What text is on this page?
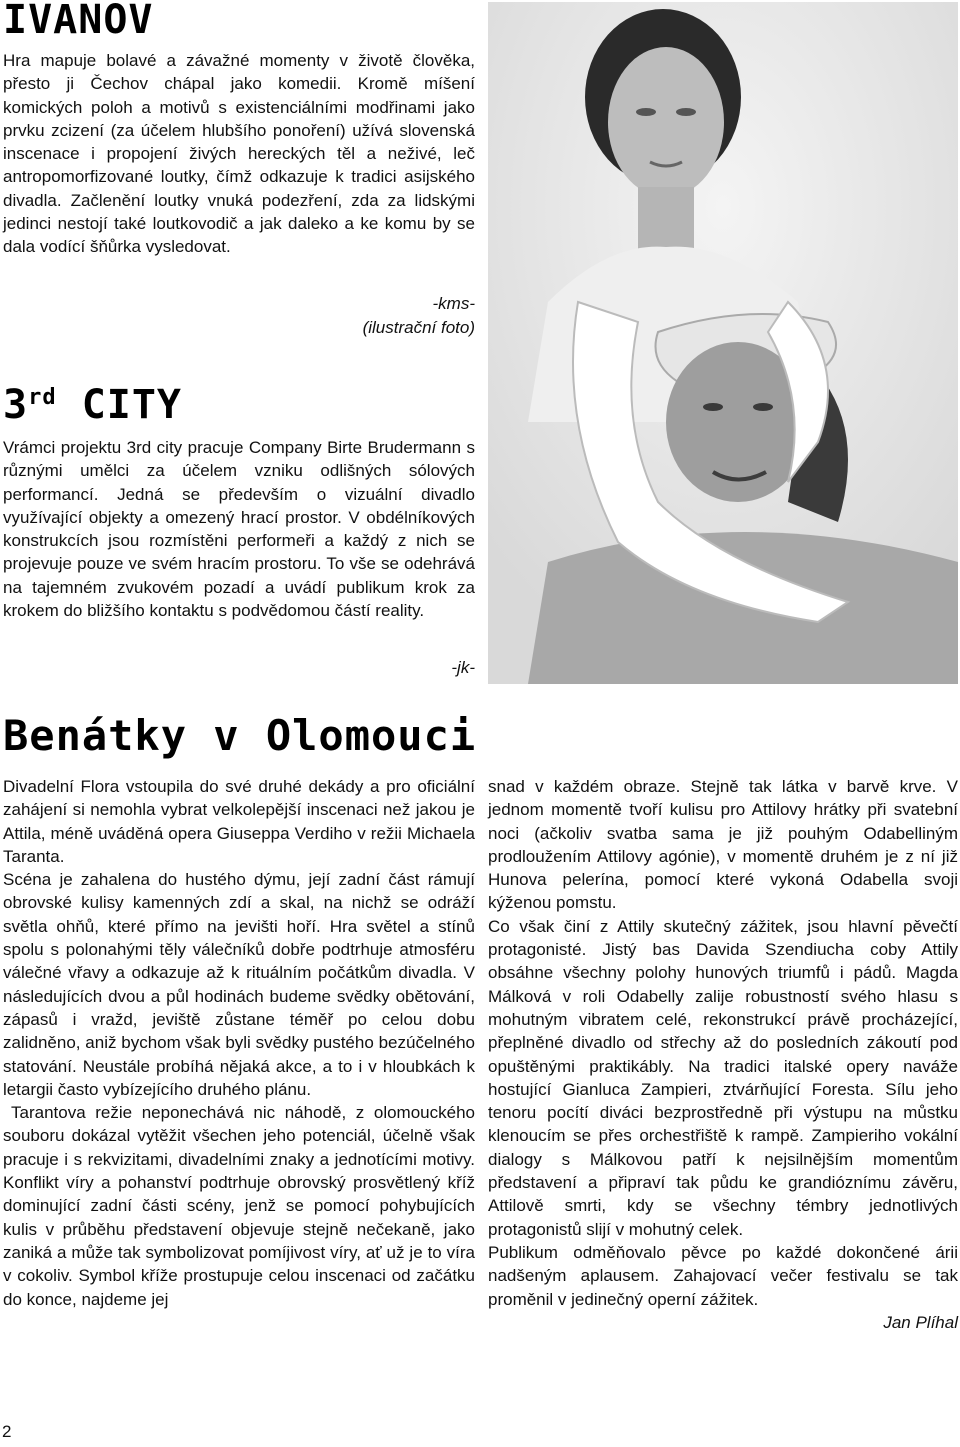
IVANOV

Hra mapuje bolavé a závažné momenty v životě člověka, přesto ji Čechov chápal jako komedii. Kromě míšení komických poloh a motivů s existenciálními modřinami jako prvku zcizení (za účelem hlubšího ponoření) užívá slovenská inscenace i propojení živých hereckých těl a neživé, leč antropomorfizované loutky, čímž odkazuje k tradici asijského divadla. Začlenění loutky vnuká podezření, zda za lidskými jedinci nestojí také loutkovodič a jak daleko a ke komu by se dala vodící šňůrka vysledovat.

-kms-

(ilustrační foto)

3rd CITY

Vrámci projektu 3rd city pracuje Company Birte Brudermann s různými umělci za účelem vzniku odlišných sólových performancí. Jedná se především o vizuální divadlo využívající objekty a omezený hrací prostor. V obdélníkových konstrukcích jsou rozmístěni performeři a každý z nich se projevuje pouze ve svém hracím prostoru. To vše se odehrává na tajemném zvukovém pozadí a uvádí publikum krok za krokem do bližšího kontaktu s podvědomou částí reality.

-jk-

Benátky v Olomouci

Divadelní Flora vstoupila do své druhé dekády a pro oficiální zahájení si nemohla vybrat velkolepější inscenaci než jakou je Attila, méně uváděná opera Giuseppa Verdiho v režii Michaela Taranta.

Scéna je zahalena do hustého dýmu, její zadní část rámují obrovské kulisy kamenných zdí a skal, na nichž se odráží světla ohňů, které přímo na jevišti hoří. Hra světel a stínů spolu s polonahými těly válečníků dobře podtrhuje atmosféru válečné vřavy a odkazuje až k rituálním počátkům divadla. V následujících dvou a půl hodinách budeme svědky obětování, zápasů i vražd, jeviště zůstane téměř po celou dobu zalidněno, aniž bychom však byli svědky pustého bezúčelného statování. Neustále probíhá nějaká akce, a to i v hloubkách k letargii často vybízejícího druhého plánu.

Tarantova režie neponechává nic náhodě, z olomouckého souboru dokázal vytěžit všechen jeho potenciál, účelně však pracuje i s rekvizitami, divadelními znaky a jednotícími motivy. Konflikt víry a pohanství podtrhuje obrovský prosvětlený kříž dominující zadní části scény, jenž se pomocí pohybujících kulis v průběhu představení objevuje stejně nečekaně, jako zaniká a může tak symbolizovat pomíjivost víry, ať už je to víra v cokoliv. Symbol kříže prostupuje celou inscenaci od začátku do konce, najdeme jej

snad v každém obraze. Stejně tak látka v barvě krve. V jednom momentě tvoří kulisu pro Attilovy hrátky při svatební noci (ačkoliv svatba sama je již pouhým Odabelliným prodloužením Attilovy agónie), v momentě druhém je z ní již Hunova pelerína, pomocí které vykoná Odabella svoji kýženou pomstu.

Co však činí z Attily skutečný zážitek, jsou hlavní pěvečtí protagonisté. Jistý bas Davida Szendiucha coby Attily obsáhne všechny polohy hunových triumfů i pádů. Magda Málková v roli Odabelly zalije robustností svého hlasu s mohutným vibratem celé, rekonstrukcí právě procházející, přeplněné divadlo od střechy až do posledních zákoutí pod opuštěnými praktikábly. Na tradici italské opery naváže hostující Gianluca Zampieri, ztvárňující Foresta. Sílu jeho tenoru pocítí diváci bezprostředně při výstupu na můstku klenoucím se přes orchestřiště k rampě. Zampieriho vokální dialogy s Málkovou patří k nejsilnějším momentům představení a připraví tak půdu ke grandióznímu závěru, Attilově smrti, kdy se všechny témbry jednotlivých protagonistů slijí v mohutný celek.

Publikum odměňovalo pěvce po každé dokončené árii nadšeným aplausem. Zahajovací večer festivalu se tak proměnil v jedinečný operní zážitek.

Jan Plíhal

2
